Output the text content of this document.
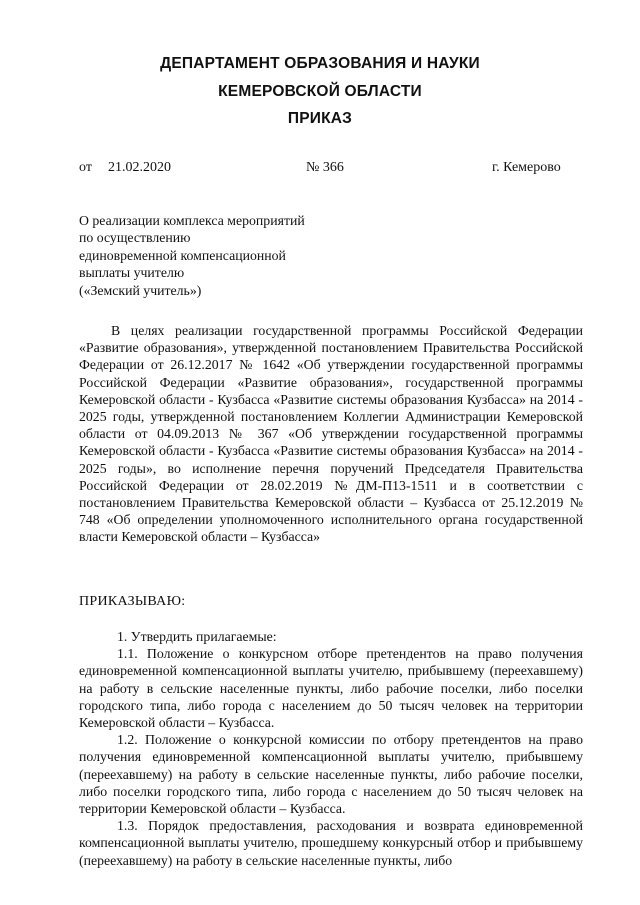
ДЕПАРТАМЕНТ ОБРАЗОВАНИЯ И НАУКИ
КЕМЕРОВСКОЙ ОБЛАСТИ
ПРИКАЗ
от 21.02.2020	№ 366	г. Кемерово
О реализации комплекса мероприятий
по осуществлению
единовременной компенсационной
выплаты учителю
(«Земский учитель»)
В целях реализации государственной программы Российской Федерации «Развитие образования», утвержденной постановлением Правительства Российской Федерации от 26.12.2017 № 1642 «Об утверждении государственной программы Российской Федерации «Развитие образования», государственной программы Кемеровской области - Кузбасса «Развитие системы образования Кузбасса» на 2014 - 2025 годы, утвержденной постановлением Коллегии Администрации Кемеровской области от 04.09.2013 № 367 «Об утверждении государственной программы Кемеровской области - Кузбасса «Развитие системы образования Кузбасса» на 2014 - 2025 годы», во исполнение перечня поручений Председателя Правительства Российской Федерации от 28.02.2019 №ДМ-П13-1511 и в соответствии с постановлением Правительства Кемеровской области – Кузбасса от 25.12.2019 № 748 «Об определении уполномоченного исполнительного органа государственной власти Кемеровской области – Кузбасса»
ПРИКАЗЫВАЮ:

1. Утвердить прилагаемые:

1.1. Положение о конкурсном отборе претендентов на право получения единовременной компенсационной выплаты учителю, прибывшему (переехавшему) на работу в сельские населенные пункты, либо рабочие поселки, либо поселки городского типа, либо города с населением до 50 тысяч человек на территории Кемеровской области – Кузбасса.

1.2. Положение о конкурсной комиссии по отбору претендентов на право получения единовременной компенсационной выплаты учителю, прибывшему (переехавшему) на работу в сельские населенные пункты, либо рабочие поселки, либо поселки городского типа, либо города с населением до 50 тысяч человек на территории Кемеровской области – Кузбасса.

1.3. Порядок предоставления, расходования и возврата единовременной компенсационной выплаты учителю, прошедшему конкурсный отбор и прибывшему (переехавшему) на работу в сельские населенные пункты, либо
